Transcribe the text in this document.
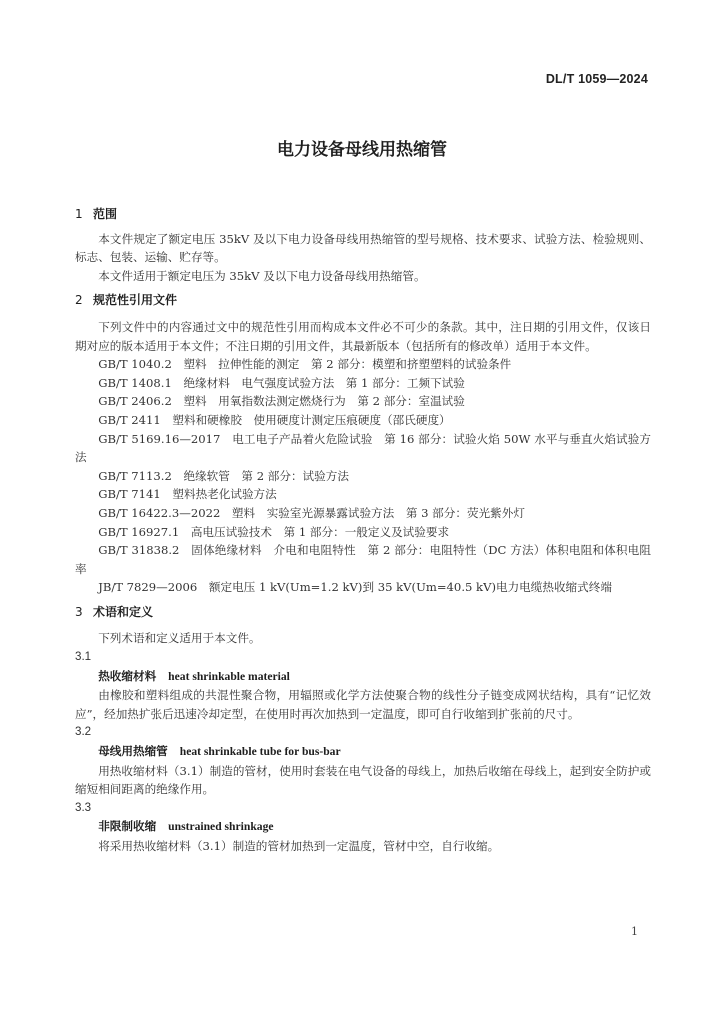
DL/T 1059—2024
电力设备母线用热缩管

1 范围

本文件规定了额定电压 35kV 及以下电力设备母线用热缩管的型号规格、技术要求、试验方法、检验规则、标志、包装、运输、贮存等。

本文件适用于额定电压为 35kV 及以下电力设备母线用热缩管。

2 规范性引用文件

下列文件中的内容通过文中的规范性引用而构成本文件必不可少的条款。其中，注日期的引用文件，仅该日期对应的版本适用于本文件；不注日期的引用文件，其最新版本（包括所有的修改单）适用于本文件。

GB/T 1040.2　塑料　拉伸性能的测定　第 2 部分：模塑和挤塑塑料的试验条件

GB/T 1408.1　绝缘材料　电气强度试验方法　第 1 部分：工频下试验

GB/T 2406.2　塑料　用氧指数法测定燃烧行为　第 2 部分：室温试验

GB/T 2411　塑料和硬橡胶　使用硬度计测定压痕硬度（邵氏硬度）

GB/T 5169.16—2017　电工电子产品着火危险试验　第 16 部分：试验火焰 50W 水平与垂直火焰试验方法

GB/T 7113.2　绝缘软管　第 2 部分：试验方法

GB/T 7141　塑料热老化试验方法

GB/T 16422.3—2022　塑料　实验室光源暴露试验方法　第 3 部分：荧光紫外灯

GB/T 16927.1　高电压试验技术　第 1 部分：一般定义及试验要求

GB/T 31838.2　固体绝缘材料　介电和电阻特性　第 2 部分：电阻特性（DC 方法）体积电阻和体积电阻率

JB/T 7829—2006　额定电压 1 kV(Um=1.2 kV)到 35 kV(Um=40.5 kV)电力电缆热收缩式终端

3 术语和定义

下列术语和定义适用于本文件。

3.1

热收缩材料 heat shrinkable material

由橡胶和塑料组成的共混性聚合物，用辐照或化学方法使聚合物的线性分子链变成网状结构，具有“记忆效应”，经加热扩张后迅速冷却定型，在使用时再次加热到一定温度，即可自行收缩到扩张前的尺寸。

3.2

母线用热缩管 heat shrinkable tube for bus-bar

用热收缩材料（3.1）制造的管材，使用时套装在电气设备的母线上，加热后收缩在母线上，起到安全防护或缩短相间距离的绝缘作用。

3.3

非限制收缩 unstrained shrinkage

将采用热收缩材料（3.1）制造的管材加热到一定温度，管材中空，自行收缩。

1
